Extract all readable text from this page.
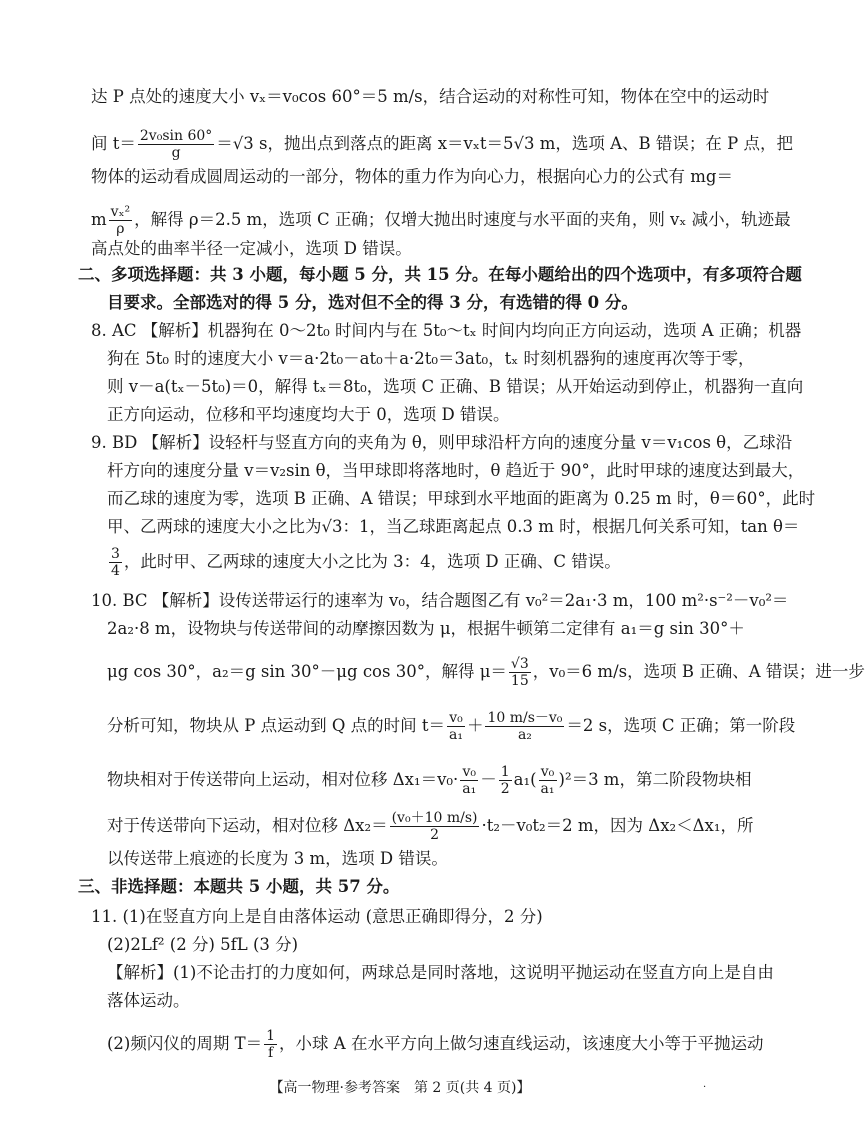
达 P 点处的速度大小 vₓ＝v₀cos 60°＝5 m/s，结合运动的对称性可知，物体在空中的运动时
间 $t= \frac{\text{2v₀sin 60°}}{g} =√3$ s，抛出点到落点的距离 x＝vₓt＝5√3 m，选项 A、B 错误；在 P 点，把
物体的运动看成圆周运动的一部分，物体的重力作为向心力，根据向心力的公式有 mg＝
m $\frac{\text{vₓ²}}{\rho}$ ，解得 ρ＝2.5 m，选项 C 正确；仅增大抛出时速度与水平面的夹角，则 vₓ 减小，轨迹最
高点处的曲率半径一定减小，选项 D 错误。
二、多项选择题：共 3 小题，每小题 5 分，共 15 分。在每小题给出的四个选项中，有多项符合题
目要求。全部选对的得 5 分，选对但不全的得 3 分，有选错的得 0 分。
8. AC 【解析】机器狗在 0～2t₀ 时间内与在 5t₀～tₓ 时间内均向正方向运动，选项 A 正确；机器
狗在 5t₀ 时的速度大小 v＝a·2t₀－at₀＋a·2t₀＝3at₀，tₓ 时刻机器狗的速度再次等于零，
则 v－a(tₓ－5t₀)＝0，解得 tₓ＝8t₀，选项 C 正确、B 错误；从开始运动到停止，机器狗一直向
正方向运动，位移和平均速度均大于 0，选项 D 错误。
9. BD 【解析】设轻杆与竖直方向的夹角为 θ，则甲球沿杆方向的速度分量 v＝v₁cos θ，乙球沿
杆方向的速度分量 v＝v₂sin θ，当甲球即将落地时，θ 趋近于 90°，此时甲球的速度达到最大，
而乙球的速度为零，选项 B 正确、A 错误；甲球到水平地面的距离为 0.25 m 时，θ＝60°，此时
甲、乙两球的速度大小之比为√3：1，当乙球距离起点 0.3 m 时，根据几何关系可知，tan θ＝
$\frac{3}{4}$ ，此时甲、乙两球的速度大小之比为 3：4，选项 D 正确、C 错误。
10. BC 【解析】设传送带运行的速率为 v₀，结合题图乙有 v₀²＝2a₁·3 m，100 m²·s⁻²－v₀²＝
2a₂·8 m，设物块与传送带间的动摩擦因数为 μ，根据牛顿第二定律有 a₁＝g sin 30°＋
μg cos 30°，a₂＝g sin 30°－μg cos 30°，解得 $\mu= \frac{√3}{15}$ ，v₀＝6 m/s，选项 B 正确、A 错误；进一步
分析可知，物块从 P 点运动到 Q 点的时间 $t= \frac{\text{v₀}}{\text{a₁}} + \frac{\text{10 m/s－v₀}}{\text{a₂}} =2$ s，选项 C 正确；第一阶段
物块相对于传送带向上运动，相对位移 $\Delta x_1=v_0\cdot \frac{\text{v₀}}{\text{a₁}} - \frac{1}{2} a_1( \frac{\text{v₀}}{\text{a₁}} )^2=3$ m，第二阶段物块相
对于传送带向下运动，相对位移 $\Delta x_2= \frac{\text{(v₀＋10 m/s)}}{2} \cdot t_2-v_0t_2=2$ m，因为 Δx₂＜Δx₁，所
以传送带上痕迹的长度为 3 m，选项 D 错误。
三、非选择题：本题共 5 小题，共 57 分。
11. (1)在竖直方向上是自由落体运动 (意思正确即得分，2 分)
(2)2Lf² (2 分) 5fL (3 分)
【解析】(1)不论击打的力度如何，两球总是同时落地，这说明平抛运动在竖直方向上是自由
落体运动。
(2)频闪仪的周期 $T= \frac{1}{f}$ ，小球 A 在水平方向上做匀速直线运动，该速度大小等于平抛运动
【高一物理·参考答案　第 2 页(共 4 页)】	·
